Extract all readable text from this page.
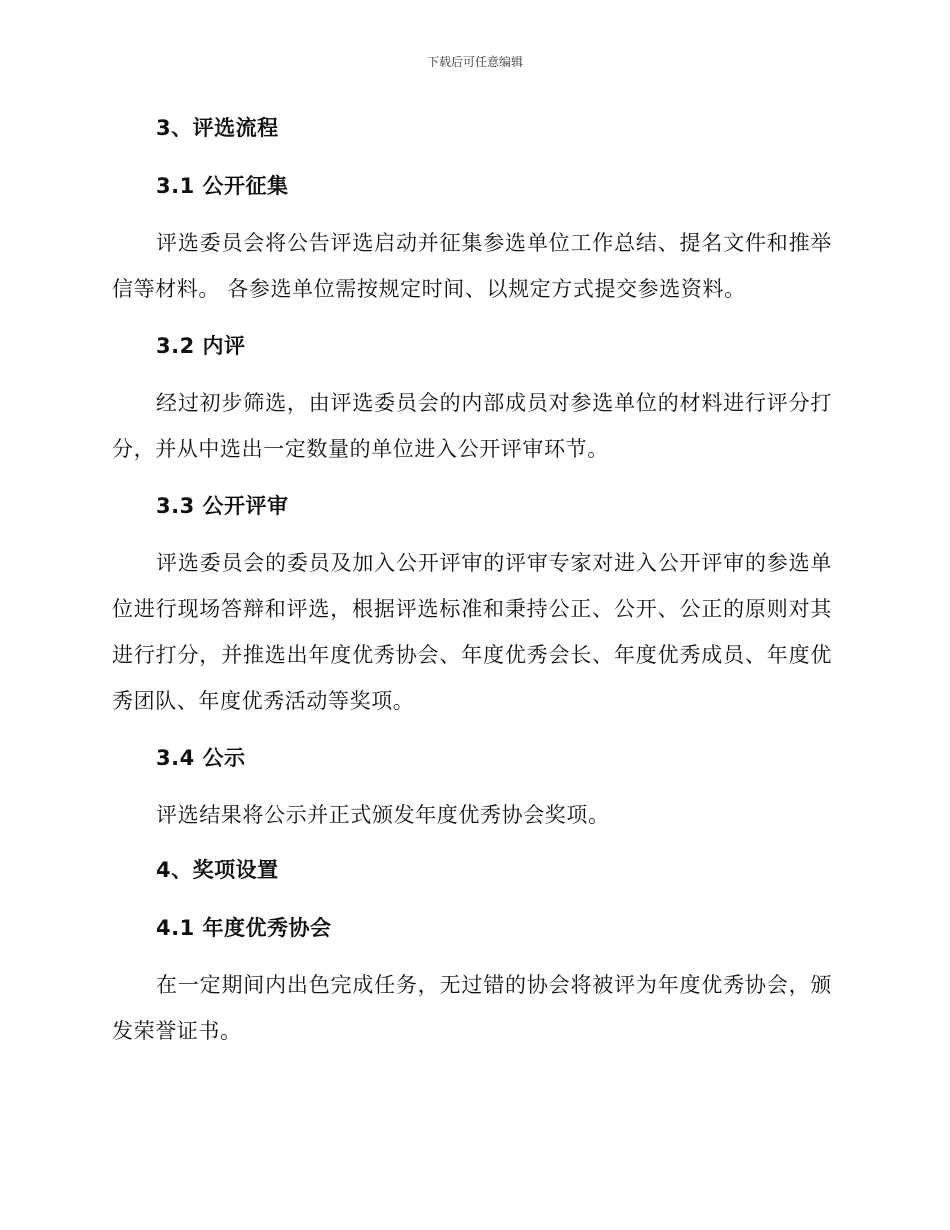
下载后可任意编辑
3、评选流程
3.1 公开征集

评选委员会将公告评选启动并征集参选单位工作总结、提名文件和推举信等材料。 各参选单位需按规定时间、以规定方式提交参选资料。

3.2 内评

经过初步筛选，由评选委员会的内部成员对参选单位的材料进行评分打分，并从中选出一定数量的单位进入公开评审环节。

3.3 公开评审

评选委员会的委员及加入公开评审的评审专家对进入公开评审的参选单位进行现场答辩和评选，根据评选标准和秉持公正、公开、公正的原则对其进行打分，并推选出年度优秀协会、年度优秀会长、年度优秀成员、年度优秀团队、年度优秀活动等奖项。

3.4 公示

评选结果将公示并正式颁发年度优秀协会奖项。

4、奖项设置
4.1 年度优秀协会

在一定期间内出色完成任务，无过错的协会将被评为年度优秀协会，颁发荣誉证书。
